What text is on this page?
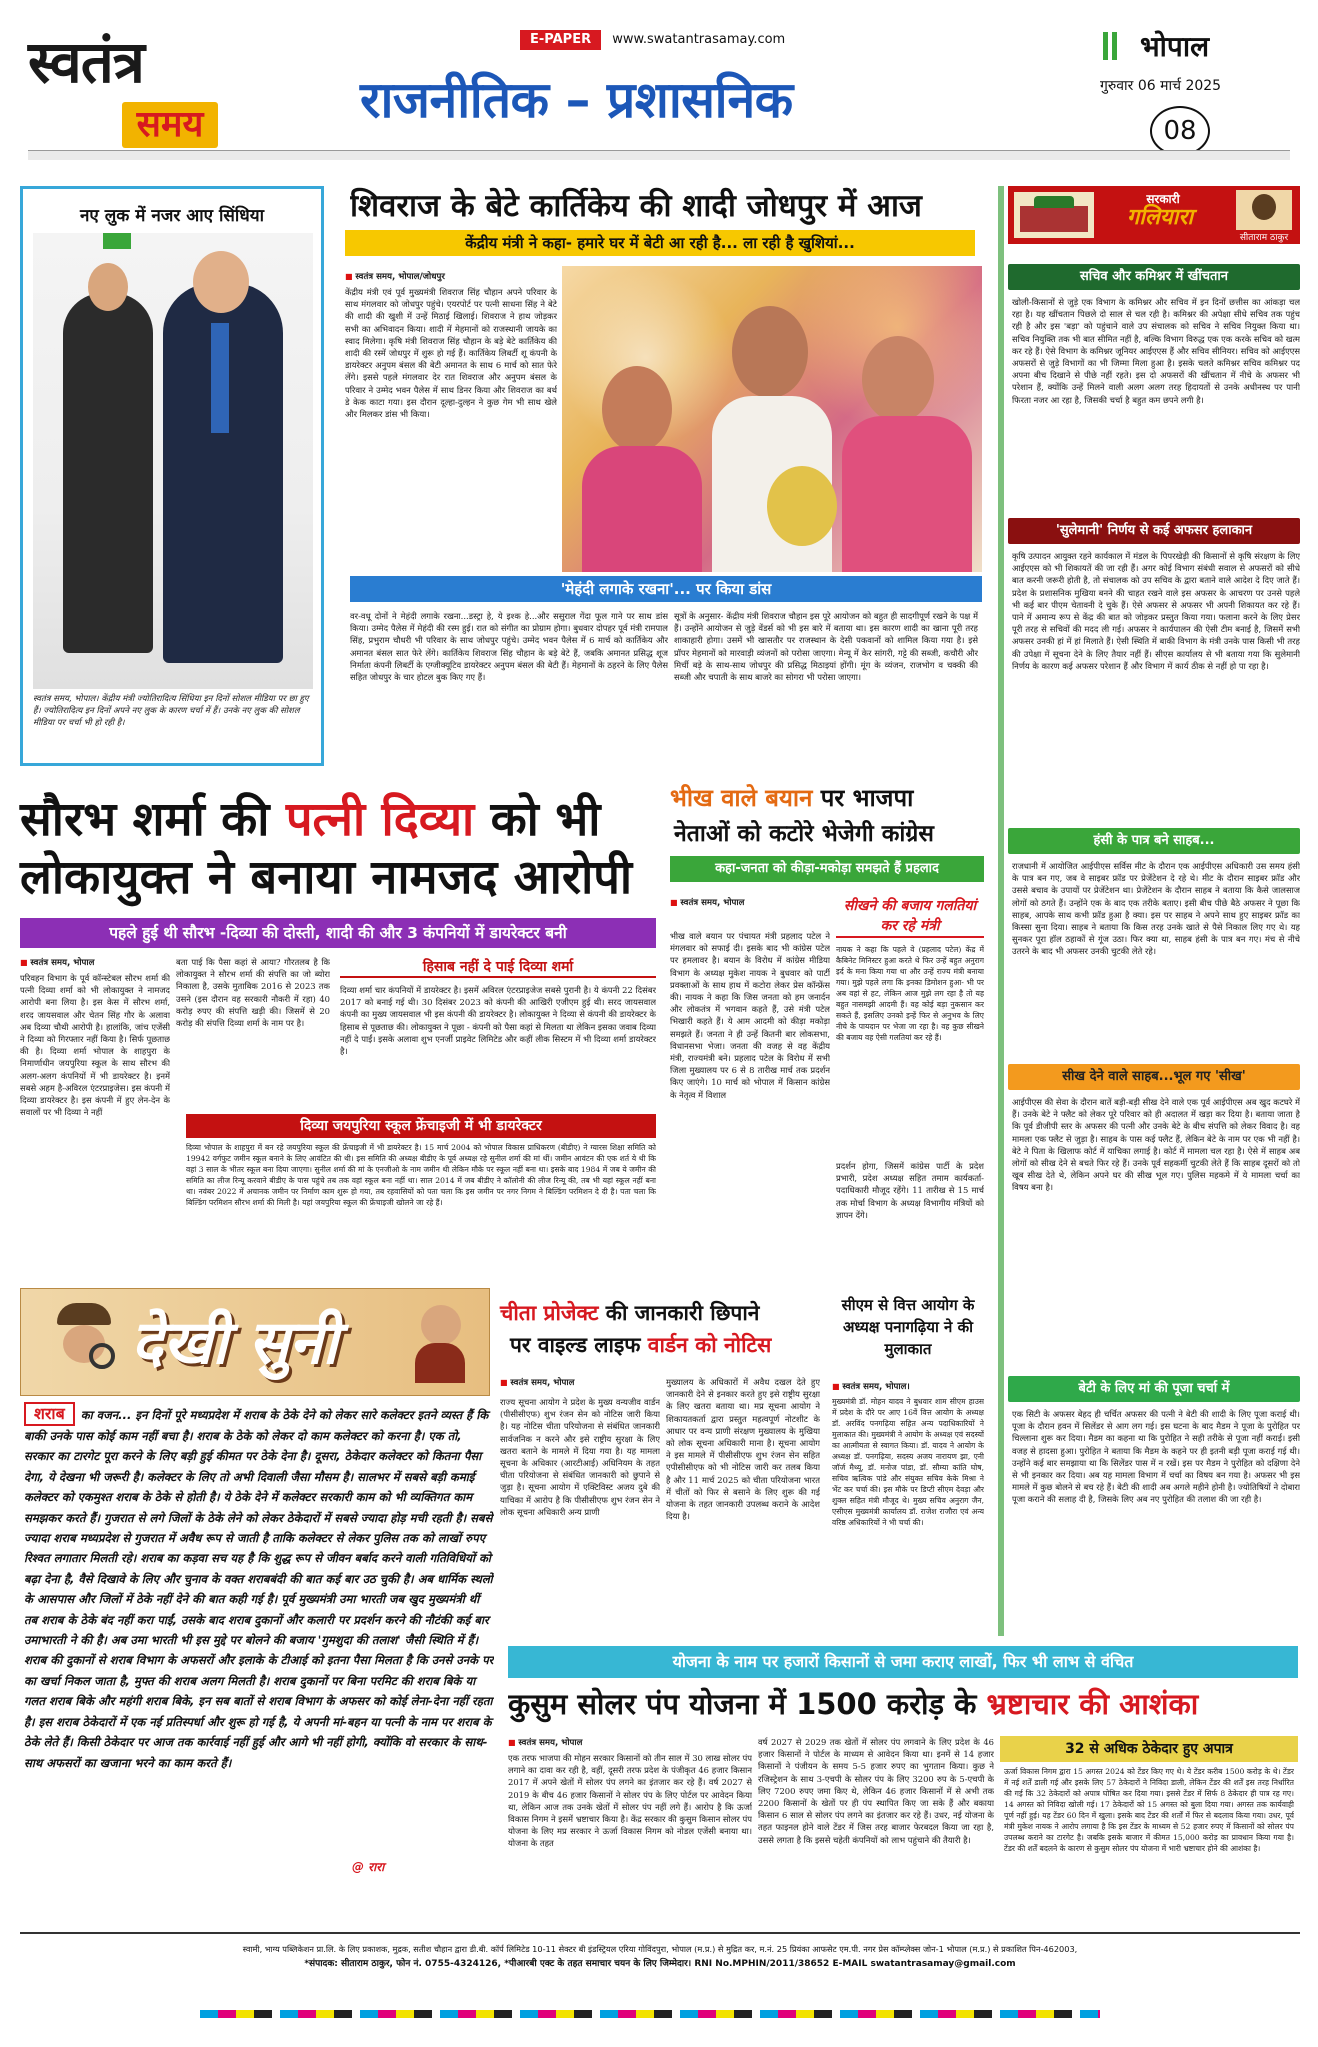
स्वतंत्र
समय
E-PAPER www.swatantrasamay.com
राजनीतिक – प्रशासनिक
भोपाल
गुरुवार 06 मार्च 2025
08
नए लुक में नजर आए सिंधिया
स्वतंत्र समय, भोपाल। केंद्रीय मंत्री ज्योतिरादित्य सिंधिया इन दिनों सोशल मीडिया पर छा हुए हैं। ज्योतिरादित्य इन दिनों अपने नए लुक के कारण चर्चा में हैं। उनके नए लुक की सोशल मीडिया पर चर्चा भी हो रही है।
शिवराज के बेटे कार्तिकेय की शादी जोधपुर में आज
केंद्रीय मंत्री ने कहा- हमारे घर में बेटी आ रही है... ला रही है खुशियां...
■ स्वतंत्र समय, भोपाल/जोधपुर
केंद्रीय मंत्री एवं पूर्व मुख्यमंत्री शिवराज सिंह चौहान अपने परिवार के साथ मंगलवार को जोधपुर पहुंचे। एयरपोर्ट पर पत्नी साधना सिंह ने बेटे की शादी की खुशी में उन्हें मिठाई खिलाई। शिवराज ने हाथ जोड़कर सभी का अभिवादन किया। शादी में मेहमानों को राजस्थानी जायके का स्वाद मिलेगा। कृषि मंत्री शिवराज सिंह चौहान के बड़े बेटे कार्तिकेय की शादी की रस्में जोधपुर में शुरू हो गई हैं। कार्तिकेय लिबर्टी शू कंपनी के डायरेक्टर अनुपम बंसल की बेटी अमानत के साथ 6 मार्च को सात फेरे लेंगे। इससे पहले मंगलवार देर रात शिवराज और अनुपम बंसल के परिवार ने उम्मेद भवन पैलेस में साथ डिनर किया और शिवराज का बर्थ डे केक काटा गया। इस दौरान दूल्हा-दुल्हन ने कुछ गेम भी साथ खेले और मिलकर डांस भी किया।
'मेहंदी लगाके रखना'... पर किया डांस
वर-वधू दोनों ने मेहंदी लगाके रखना...डस्ट्रा हे, ये इश्क हे...और ससुराल गेंदा फूल गाने पर साथ डांस किया। उम्मेद पैलेस में मेहंदी की रस्म हुई। रात को संगीत का प्रोग्राम होगा। बुधवार दोपहर पूर्व मंत्री रामपाल सिंह, प्रभुराम चौधरी भी परिवार के साथ जोधपुर पहुंचे। उम्मेद भवन पैलेस में 6 मार्च को कार्तिकेय और अमानत बंसल सात फेरे लेंगे। कार्तिकेय शिवराज सिंह चौहान के बड़े बेटे हैं, जबकि अमानत प्रसिद्ध शूज निर्माता कंपनी लिबर्टी के एग्जीक्यूटिव डायरेक्टर अनुपम बंसल की बेटी हैं। मेहमानों के ठहरने के लिए पैलेस सहित जोधपुर के चार होटल बुक किए गए हैं।
सूत्रों के अनुसार- केंद्रीय मंत्री शिवराज चौहान इस पूरे आयोजन को बहुत ही सादगीपूर्ण रखने के पक्ष में हैं। उन्होंने आयोजन से जुड़े वेंडर्स को भी इस बारे में बताया था। इस कारण शादी का खाना पूरी तरह शाकाहारी होगा। उसमें भी खासतौर पर राजस्थान के देसी पकवानों को शामिल किया गया है। इसे प्रॉपर मेहमानों को मारवाड़ी व्यंजनों को परोसा जाएगा। मेन्यू में केर सांगरी, गट्टे की सब्जी, कचौरी और मिर्ची बड़े के साथ-साथ जोधपुर की प्रसिद्ध मिठाइयां होंगी। मूंग के व्यंजन, राजभोग व चक्की की सब्जी और चपाती के साथ बाजरे का सोगरा भी परोसा जाएगा।
सौरभ शर्मा की पत्नी दिव्या को भी
लोकायुक्त ने बनाया नामजद आरोपी
पहले हुई थी सौरभ -दिव्या की दोस्ती, शादी की और 3 कंपनियों में डायरेक्टर बनी
■ स्वतंत्र समय, भोपाल
परिवहन विभाग के पूर्व कॉन्स्टेबल सौरभ शर्मा की पत्नी दिव्या शर्मा को भी लोकायुक्त ने नामजद आरोपी बना लिया है। इस केस में सौरभ शर्मा, शरद जायसवाल और चेतन सिंह गौर के अलावा अब दिव्या चौथी आरोपी है। हालांकि, जांच एजेंसी ने दिव्या को गिरफ्तार नहीं किया है। सिर्फ पूछताछ की है। दिव्या शर्मा भोपाल के शाहपुरा के निमार्णाधीन जयपुरिया स्कूल के साथ सौरभ की अलग-अलग कंपनियों में भी डायरेक्टर है। इनमें सबसे अहम है-अविरल एंटरप्राइजेस। इस कंपनी में दिव्या डायरेक्टर है। इस कंपनी में हुए लेन-देन के सवालों पर भी दिव्या ने नहीं
बता पाई कि पैसा कहां से आया? गौरतलब है कि लोकायुक्त ने सौरभ शर्मा की संपत्ति का जो ब्योरा निकाला है, उसके मुताबिक 2016 से 2023 तक उसने (इस दौरान वह सरकारी नौकरी में रहा) 40 करोड़ रुपए की संपत्ति खड़ी की। जिसमें से 20 करोड़ की संपत्ति दिव्या शर्मा के नाम पर है।
हिसाब नहीं दे पाई दिव्या शर्मा
दिव्या शर्मा चार कंपनियों में डायरेक्टर है। इसमें अविरल एंटरप्राइजेज सबसे पुरानी है। ये कंपनी 22 दिसंबर 2017 को बनाई गई थी। 30 दिसंबर 2023 को कंपनी की आखिरी एजीएम हुई थी। सरद जायसवाल कंपनी का मुख्य जायसवाल भी इस कंपनी की डायरेक्टर है। लोकायुक्त ने दिव्या से कंपनी की डायरेक्टर के हिसाब से पूछताछ की। लोकायुक्त ने पूछा - कंपनी को पैसा कहां से मिलता था लेकिन इसका जवाब दिव्या नहीं दे पाईं। इसके अलावा शुभ एनर्जी प्राइवेट लिमिटेड और कहीं लीक सिस्टम में भी दिव्या शर्मा डायरेक्टर है।
दिव्या जयपुरिया स्कूल फ्रेंचाइजी में भी डायरेक्टर
दिव्या भोपाल के शाहपुरा में बन रहे जयपुरिया स्कूल की फ्रेंचाइजी में भी डायरेक्टर है। 15 मार्च 2004 को भोपाल विकास प्राधिकरण (बीडीए) ने ग्यारस शिक्षा समिति को 19942 वर्गफुट जमीन स्कूल बनाने के लिए आवंटित की थी। इस समिति की अध्यक्ष बीडीए के पूर्व अध्यक्ष रहे सुनील शर्मा की मां थीं। जमीन आवंटन की एक शर्त ये थी कि वहां 3 साल के भीतर स्कूल बना दिया जाएगा। सुनील शर्मा की मां के एनजीओ के नाम जमीन थी लेकिन मौके पर स्कूल नहीं बना था। इसके बाद 1984 में जब ये जमीन की समिति का लीज रिन्यू करवाने बीडीए के पास पहुंचे तब तक वहां स्कूल बना नहीं था। साल 2014 में जब बीडीए ने कॉलोनी की लीज रिन्यू की, तब भी यहां स्कूल नहीं बना था। नवंबर 2022 में अचानक जमीन पर निर्माण काम शुरू हो गया, तब रहवासियों को पता चला कि इस जमीन पर नगर निगम ने बिल्डिंग परमिशन दे दी है। पता चला कि बिल्डिंग परमिशन सौरभ शर्मा की मिली है। यहां जयपुरिया स्कूल की फ्रेंचाइजी खोलने जा रहे हैं।
भीख वाले बयान पर भाजपा
नेताओं को कटोरे भेजेगी कांग्रेस
कहा-जनता को कीड़ा-मकोड़ा समझते हैं प्रहलाद
■ स्वतंत्र समय, भोपाल
भीख वाले बयान पर पंचायत मंत्री प्रहलाद पटेल ने मंगलवार को सफाई दी। इसके बाद भी कांग्रेस पटेल पर हमलावर है। बयान के विरोध में कांग्रेस मीडिया विभाग के अध्यक्ष मुकेश नायक ने बुधवार को पार्टी प्रवक्ताओं के साथ हाथ में कटोरा लेकर प्रेस कॉन्फ्रेंस की। नायक ने कहा कि जिस जनता को हम जनार्दन और लोकतंत्र में भगवान कहते हैं, उसे मंत्री पटेल भिखारी कहते हैं। ये आम आदमी को कीड़ा मकोड़ा समझते हैं। जनता ने ही उन्हें कितनी बार लोकसभा, विधानसभा भेजा। जनता की वजह से वह केंद्रीय मंत्री, राज्यमंत्री बने। प्रहलाद पटेल के विरोध में सभी जिला मुख्यालय पर 6 से 8 तारीख मार्च तक प्रदर्शन किए जाएंगे। 10 मार्च को भोपाल में किसान कांग्रेस के नेतृत्व में विशाल
सीखने की बजाय गलतियां कर रहे मंत्री
नायक ने कहा कि पहले वे (प्रहलाद पटेल) केंद्र में कैबिनेट मिनिस्टर हुआ करते थे फिर उन्हें बहुत अनुराग इर्द के मना किया गया था और उन्हें राज्य मंत्री बनाया गया। मुझे पहले लगा कि इनका डिमोशन हुआ- भी पर अब वहां से हट, लेकिन आज मुझे लग रहा है तो यह बहुत नासमझी आदमी हैं। वह कोई बड़ा नुकसान कर सकते हैं, इसलिए उनको इन्हें फिर से अनुभव के लिए नीचे के पायदान पर भेजा जा रहा है। वह कुछ सीखने की बजाय वह ऐसी गलतियां कर रहे हैं।
प्रदर्शन होगा, जिसमें कांग्रेस पार्टी के प्रदेश प्रभारी, प्रदेश अध्यक्ष सहित तमाम कार्यकर्ता-पदाधिकारी मौजूद रहेंगे। 11 तारीख से 15 मार्च तक मोर्चा विभाग के अध्यक्ष विभागीय मंत्रियों को ज्ञापन देंगे।
देखी सुनी
शराब का वजन... इन दिनों पूरे मध्यप्रदेश में शराब के ठेके देने को लेकर सारे कलेक्टर इतने व्यस्त हैं कि बाकी उनके पास कोई काम नहीं बचा है। शराब के ठेके को लेकर दो काम कलेक्टर को करना है। एक तो, सरकार का टारगेट पूरा करने के लिए बड़ी हुई कीमत पर ठेके देना है। दूसरा, ठेकेदार कलेक्टर को कितना पैसा देगा, ये देखना भी जरूरी है। कलेक्टर के लिए तो अभी दिवाली जैसा मौसम है। सालभर में सबसे बड़ी कमाई कलेक्टर को एकमुश्त शराब के ठेके से होती है। ये ठेके देने में कलेक्टर सरकारी काम को भी व्यक्तिगत काम समझकर करते हैं। गुजरात से लगे जिलों के ठेके लेने को लेकर ठेकेदारों में सबसे ज्यादा होड़ मची रहती है। सबसे ज्यादा शराब मध्यप्रदेश से गुजरात में अवैध रूप से जाती है ताकि कलेक्टर से लेकर पुलिस तक को लाखों रुपए रिश्वत लगातार मिलती रहे। शराब का कड़वा सच यह है कि शुद्ध रूप से जीवन बर्बाद करने वाली गतिविधियों को बढ़ा देना है, वैसे दिखावे के लिए और चुनाव के वक्त शराबबंदी की बात कई बार उठ चुकी है। अब धार्मिक स्थलों के आसपास और जिलों में ठेके नहीं देने की बात कही गई है। पूर्व मुख्यमंत्री उमा भारती जब खुद मुख्यमंत्री थीं तब शराब के ठेके बंद नहीं करा पाईं, उसके बाद शराब दुकानों और कलारी पर प्रदर्शन करने की नौटंकी कई बार उमाभारती ने की है। अब उमा भारती भी इस मुद्दे पर बोलने की बजाय 'गुमशुदा की तलाश' जैसी स्थिति में हैं। शराब की दुकानों से शराब विभाग के अफसरों और इलाके के टीआई को इतना पैसा मिलता है कि उनसे उनके पर का खर्चा निकल जाता है, मुफ्त की शराब अलग मिलती है। शराब दुकानों पर बिना परमिट की शराब बिके या गलत शराब बिके और महंगी शराब बिके, इन सब बातों से शराब विभाग के अफसर को कोई लेना-देना नहीं रहता है। इस शराब ठेकेदारों में एक नई प्रतिस्पर्धा और शुरू हो गई है, ये अपनी मां-बहन या पत्नी के नाम पर शराब के ठेके लेते हैं। किसी ठेकेदार पर आज तक कार्रवाई नहीं हुई और आगे भी नहीं होगी, क्योंकि वो सरकार के साथ-साथ अफसरों का खजाना भरने का काम करते हैं।
@ रारा
चीता प्रोजेक्ट की जानकारी छिपाने
पर वाइल्ड लाइफ वार्डन को नोटिस
■ स्वतंत्र समय, भोपाल
राज्य सूचना आयोग ने प्रदेश के मुख्य वन्यजीव वार्डन (पीसीसीएफ) शुभ रंजन सेन को नोटिस जारी किया है। यह नोटिस चीता परियोजना से संबंधित जानकारी सार्वजनिक न करने और इसे राष्ट्रीय सुरक्षा के लिए खतरा बताने के मामले में दिया गया है। यह मामला सूचना के अधिकार (आरटीआई) अधिनियम के तहत चीता परियोजना से संबंधित जानकारी को छुपाने से जुड़ा है। सूचना आयोग में एक्टिविस्ट अजय दुबे की याचिका में आरोप है कि पीसीसीएफ शुभ रंजन सेन ने लोक सूचना अधिकारी अन्य प्राणी
मुख्यालय के अधिकारों में अवैध दखल देते हुए जानकारी देने से इनकार करते हुए इसे राष्ट्रीय सुरक्षा के लिए खतरा बताया था। मप्र सूचना आयोग ने शिकायतकर्ता द्वारा प्रस्तुत महत्वपूर्ण नोटशीट के आधार पर वन्य प्राणी संरक्षण मुख्यालय के मुखिया को लोक सूचना अधिकारी माना है। सूचना आयोग ने इस मामले में पीसीसीएफ शुभ रंजन सेन सहित एपीसीसीएफ को भी नोटिस जारी कर तलब किया है और 11 मार्च 2025 को चीता परियोजना भारत में चीतों को फिर से बसाने के लिए शुरू की गई योजना के तहत जानकारी उपलब्ध कराने के आदेश दिया है।
सीएम से वित्त आयोग के अध्यक्ष पनागढ़िया ने की मुलाकात
■ स्वतंत्र समय, भोपाल।
मुख्यमंत्री डॉ. मोहन यादव ने बुधवार शाम सीएम हाउस में प्रदेश के दौरे पर आए 16वें वित्त आयोग के अध्यक्ष डॉ. अरविंद पनगढ़िया सहित अन्य पदाधिकारियों ने मुलाकात की। मुख्यमंत्री ने आयोग के अध्यक्ष एवं सदस्यों का आत्मीयता से स्वागत किया। डॉ. यादव ने आयोग के अध्यक्ष डॉ. पनगढ़िया, सदस्य अजय नारायण झा, एनी जॉर्ज मैथ्यू, डॉ. मनोज पांडा, डॉ. सौम्या कांति घोष, सचिव ऋत्विक पांडे और संयुक्त सचिव केके मिश्रा ने भेंट कर चर्चा की। इस मौके पर डिप्टी सीएम देवड़ा और शुक्ल सहित मंत्री मौजूद थे। मुख्य सचिव अनुराग जैन, एसीएस मुख्यमंत्री कार्यालय डॉ. राजेश राजौरा एवं अन्य वरिष्ठ अधिकारियों ने भी चर्चा की।
योजना के नाम पर हजारों किसानों से जमा कराए लाखों, फिर भी लाभ से वंचित
कुसुम सोलर पंप योजना में 1500 करोड़ के भ्रष्टाचार की आशंका
■ स्वतंत्र समय, भोपाल
एक तरफ भाजपा की मोहन सरकार किसानों को तीन साल में 30 लाख सोलर पंप लगाने का दावा कर रही है, वहीं, दूसरी तरफ प्रदेश के पंजीकृत 46 हजार किसान 2017 में अपने खेतों में सोलर पंप लगने का इंतजार कर रहे हैं। वर्ष 2027 से 2019 के बीच 46 हजार किसानों ने सोलर पंप के लिए पोर्टल पर आवेदन किया था, लेकिन आज तक उनके खेतों में सोलर पंप नहीं लगे हैं। आरोप है कि ऊर्जा विकास निगम ने इसमें भ्रष्टाचार किया है। केंद्र सरकार की कुसुम किसान सोलर पंप योजना के लिए मप्र सरकार ने ऊर्जा विकास निगम को नोडल एजेंसी बनाया था। योजना के तहत
वर्ष 2027 से 2029 तक खेतों में सोलर पंप लगवाने के लिए प्रदेश के 46 हजार किसानों ने पोर्टल के माध्यम से आवेदन किया था। इनमें से 14 हजार किसानों ने पंजीयन के समय 5-5 हजार रुपए का भुगतान किया। कुछ ने रजिस्ट्रेशन के साथ 3-एचपी के सोलर पंप के लिए 3200 रुप के 5-एचपी के लिए 7200 रुपए जमा किए थे, लेकिन 46 हजार किसानों में से अभी तक 2200 किसानों के खेतों पर ही पंप स्थापित किए जा सके हैं और बकाया किसान 6 साल से सोलर पंप लगने का इंतजार कर रहे हैं। उधर, नई योजना के तहत फाइनल होने वाले टेंडर में जिस तरह बाजार फेरबदल किया जा रहा है, उससे लगता है कि इससे चहेती कंपनियों को लाभ पहुंचाने की तैयारी है।
32 से अधिक ठेकेदार हुए अपात्र
ऊर्जा विकास निगम द्वारा 15 अगस्त 2024 को टेंडर किए गए थे। ये टेंडर करीब 1500 करोड़ के थे। टेंडर में नई शर्तें डाली गई और इसके लिए 57 ठेकेदारों ने निविदा डाली, लेकिन टेंडर की शर्तें इस तरह निर्धारित की गई कि 32 ठेकेदारों को अपात्र घोषित कर दिया गया। इससे टेंडर में सिर्फ 8 ठेकेदार ही पात्र रह गए। 14 अगस्त को निविदा खोली गई। 17 ठेकेदारों को 15 अगस्त को बुला दिया गया। अगस्त तक कार्यवाही पूर्ण नहीं हुई। यह टेंडर 60 दिन में खुला। इसके बाद टेंडर की शर्तों में फिर से बदलाव किया गया। उधर, पूर्व मंत्री मुकेश नायक ने आरोप लगाया है कि इस टेंडर के माध्यम से 52 हजार रुपए में किसानों को सोलर पंप उपलब्ध कराने का टारगेट है। जबकि इसके बाजार में कीमत 15,000 करोड़ का प्रावधान किया गया है। टेंडर की शर्तें बदलने के कारण से कुसुम सोलर पंप योजना में भारी भ्रष्टाचार होने की आशंका है।
सरकारी
गलियारा
सीताराम ठाकुर
सचिव और कमिश्नर में खींचतान
खोली-किसानों से जुड़े एक विभाग के कमिश्नर और सचिव में इन दिनों छत्तीस का आंकड़ा चल रहा है। यह खींचतान पिछले दो साल से चल रही है। कमिश्नर की अपेक्षा सीधे सचिव तक पहुंच रही है और इस 'बड़ा' को पहुंचाने वाले उप संचालक को सचिव ने सचिव नियुक्त किया था। सचिव नियुक्ति तक भी बात सीमित नहीं है, बल्कि विभाग विरुद्ध एक एक करके सचिव को खत्म कर रहे हैं। ऐसे विभाग के कमिश्नर जूनियर आईएएस हैं और सचिव सीनियर। सचिव को आईएएस अफसरों से जुड़े विभागों का भी जिम्मा मिला हुआ है। इसके चलते कमिश्नर सचिव कमिश्नर पद अपना बीच दिखाने से पीछे नहीं रहते। इस दो अफसरों की खींचतान में नीचे के अफसर भी परेशान हैं, क्योंकि उन्हें मिलने वाली अलग अलग तरह हिदायतों से उनके अधीनस्थ पर पानी फिरता नजर आ रहा है, जिसकी चर्चा है बहुत कम छपने लगी है।
'सुलेमानी' निर्णय से कई अफसर हलाकान
कृषि उत्पादन आयुक्त रहने कार्यकाल में मंडल के पिपरखेड़ी की किसानों से कृषि संरक्षण के लिए आईएएस को भी शिकायतें की जा रही हैं। अगर कोई विभाग संबंधी सवाल से अफसरों को सीधे बात करनी जरूरी होती है, तो संचालक को उप सचिव के द्वारा बताने वाले आदेश दे दिए जाते हैं। प्रदेश के प्रशासनिक मुखिया बनने की चाहत रखने वाले इस अफसर के आचरण पर उनसे पहले भी कई बार पीएम चेतावनी दे चुके हैं। ऐसे अफसर से अफसर भी अपनी शिकायत कर रहे हैं। पाने में अमान्य रूप से केंद्र की बात को जोड़कर प्रस्तुत किया गया। फलाना करने के लिए प्रेसर पूरी तरह से सचिवों की मदद ली गई। अफसर ने कार्यपालन की ऐसी टीम बनाई है, जिसमें सभी अफसर उनकी हां में हां मिलाते हैं। ऐसी स्थिति में बाकी विभाग के मंत्री उनके पास किसी भी तरह की उपेक्षा में सूचना देने के लिए तैयार नहीं हैं। सीएस कार्यालय से भी बताया गया कि सुलेमानी निर्णय के कारण कई अफसर परेशान हैं और विभाग में कार्य ठीक से नहीं हो पा रहा है।
हंसी के पात्र बने साहब...
राजधानी में आयोजित आईपीएस सर्विस मीट के दौरान एक आईपीएस अधिकारी उस समय हंसी के पात्र बन गए, जब वे साइबर फ्रॉड पर प्रेजेंटेशन दे रहे थे। मीट के दौरान साइबर फ्रॉड और उससे बचाव के उपायों पर प्रेजेंटेशन था। प्रेजेंटेशन के दौरान साहब ने बताया कि कैसे जालसाज लोगों को ठगते हैं। उन्होंने एक के बाद एक तरीके बताए। इसी बीच पीछे बैठे अफसर ने पूछा कि साहब, आपके साथ कभी फ्रॉड हुआ है क्या। इस पर साहब ने अपने साथ हुए साइबर फ्रॉड का किस्सा सुना दिया। साहब ने बताया कि किस तरह उनके खाते से पैसे निकाल लिए गए थे। यह सुनकर पूरा हॉल ठहाकों से गूंज उठा। फिर क्या था, साहब हंसी के पात्र बन गए। मंच से नीचे उतरने के बाद भी अफसर उनकी चुटकी लेते रहे।
सीख देने वाले साहब...भूल गए 'सीख'
आईपीएस की सेवा के दौरान बातें बड़ी-बड़ी सीख देने वाले एक पूर्व आईपीएस अब खुद कटघरे में हैं। उनके बेटे ने फ्लैट को लेकर पूरे परिवार को ही अदालत में खड़ा कर दिया है। बताया जाता है कि पूर्व डीजीपी स्तर के अफसर की पत्नी और उनके बेटे के बीच संपत्ति को लेकर विवाद है। वह मामला एक फ्लैट से जुड़ा है। साहब के पास कई फ्लैट हैं, लेकिन बेटे के नाम पर एक भी नहीं है। बेटे ने पिता के खिलाफ कोर्ट में याचिका लगाई है। कोर्ट में मामला चल रहा है। ऐसे में साहब अब लोगों को सीख देने से बचते फिर रहे हैं। उनके पूर्व सहकर्मी चुटकी लेते हैं कि साहब दूसरों को तो खूब सीख देते थे, लेकिन अपने घर की सीख भूल गए। पुलिस महकमे में ये मामला चर्चा का विषय बना है।
बेटी के लिए मां की पूजा चर्चा में
एक सिटी के अफसर बेहद ही चर्चित अफसर की पत्नी ने बेटी की शादी के लिए पूजा कराई थी। पूजा के दौरान हवन में सिलेंडर से आग लग गई। इस घटना के बाद मैडम ने पूजा के पुरोहित पर चिल्लाना शुरू कर दिया। मैडम का कहना था कि पुरोहित ने सही तरीके से पूजा नहीं कराई। इसी वजह से हादसा हुआ। पुरोहित ने बताया कि मैडम के कहने पर ही इतनी बड़ी पूजा कराई गई थी। उन्होंने कई बार समझाया था कि सिलेंडर पास में न रखें। इस पर मैडम ने पुरोहित को दक्षिणा देने से भी इनकार कर दिया। अब यह मामला विभाग में चर्चा का विषय बन गया है। अफसर भी इस मामले में कुछ बोलने से बच रहे हैं। बेटी की शादी अब अगले महीने होनी है। ज्योतिषियों ने दोबारा पूजा कराने की सलाह दी है, जिसके लिए अब नए पुरोहित की तलाश की जा रही है।
स्वामी, भाग्य पब्लिकेशन प्रा.लि. के लिए प्रकाशक, मुद्रक, सतीश चौहान द्वारा डी.बी. कॉर्प लिमिटेड 10-11 सेक्टर बी इंडस्ट्रियल एरिया गोविंदपुरा, भोपाल (म.प्र.) से मुद्रित कर, म.नं. 25 प्रियंका आफसेट एम.पी. नगर प्रेस कॉम्प्लेक्स जोन-1 भोपाल (म.प्र.) से प्रकाशित पिन-462003,
*संपादक: सीताराम ठाकुर, फोन नं. 0755-4324126, *पीआरबी एक्ट के तहत समाचार चयन के लिए जिम्मेदार। RNI No.MPHIN/2011/38652 E-MAIL swatantrasamay@gmail.com
